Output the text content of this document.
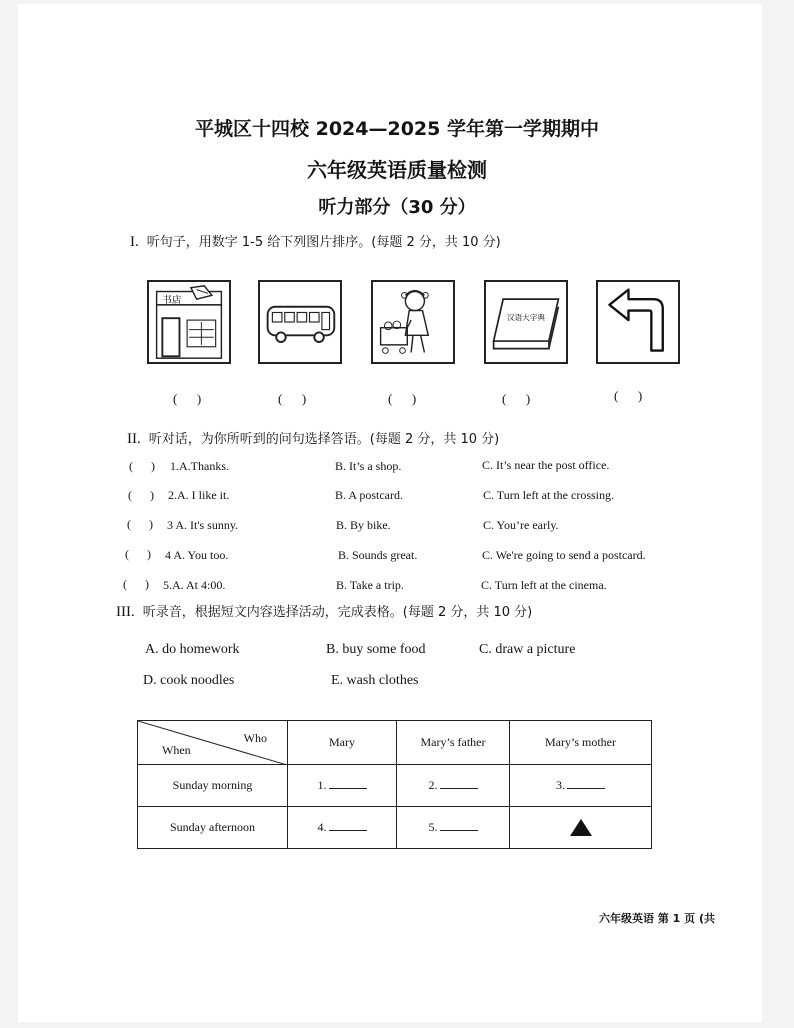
平城区十四校 2024—2025 学年第一学期期中
六年级英语质量检测
听力部分（30 分）
I. 听句子，用数字 1-5 给下列图片排序。(每题 2 分，共 10 分)
书店
汉语大字典
(      )	(      )	(      )	(      )	(      )
II. 听对话，为你所听到的问句选择答语。(每题 2 分，共 10 分)
(      ) 1.A.Thanks.	B. It’s a shop.	C. It’s near the post office.
(      ) 2.A. I like it.	B. A postcard.	C. Turn left at the crossing.
(      ) 3 A. It's sunny.	B. By bike.	C. You’re early.
(      ) 4 A. You too.	B. Sounds great.	C. We're going to send a postcard.
(      ) 5.A. At 4:00.	B. Take a trip.	C. Turn left at the cinema.
III. 听录音，根据短文内容选择活动，完成表格。(每题 2 分，共 10 分)
A. do homework	B. buy some food	C. draw a picture
D. cook noodles	E. wash clothes
Who
When	Mary	Mary’s father	Mary’s mother
Sunday morning	1.	2.	3.
Sunday afternoon	4.	5.	
六年级英语 第 1 页 (共
